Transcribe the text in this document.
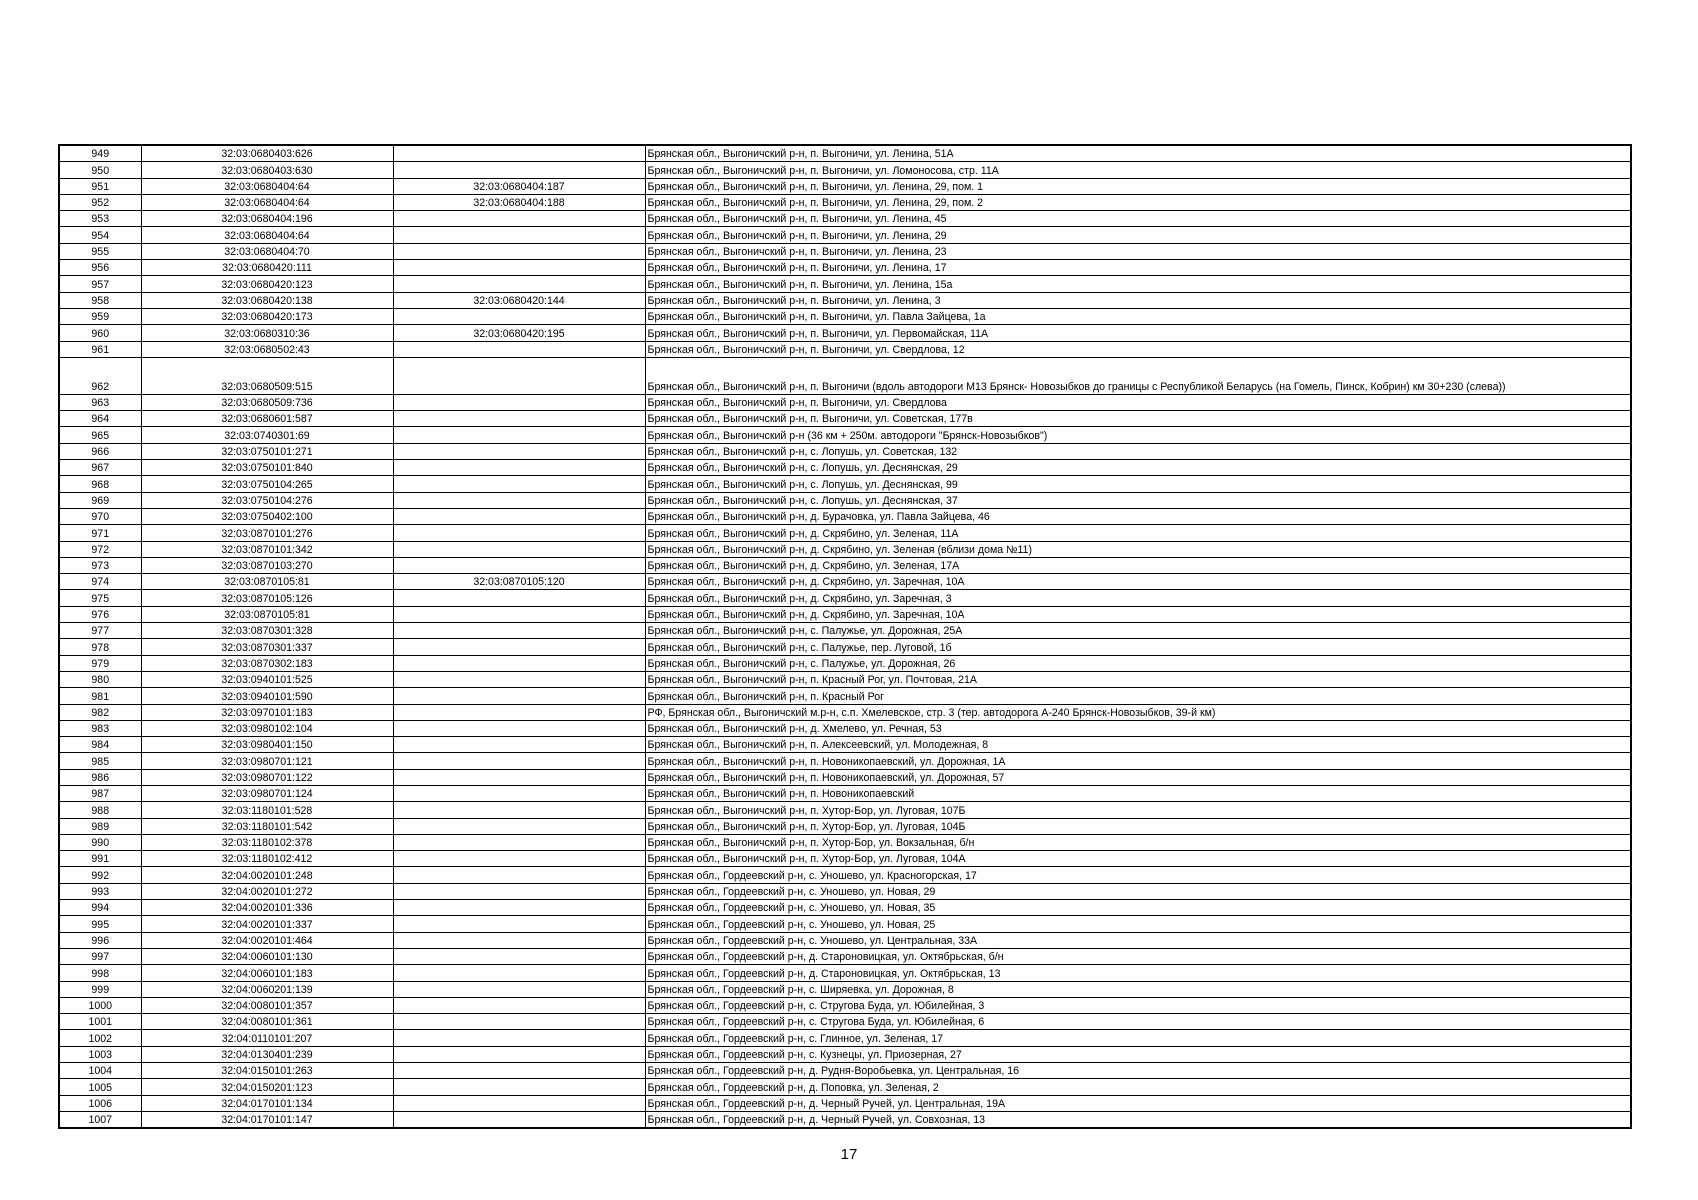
949	32:03:0680403:626		Брянская обл., Выгоничский р-н, п. Выгоничи, ул. Ленина, 51А
950	32:03:0680403:630		Брянская обл., Выгоничский р-н, п. Выгоничи, ул. Ломоносова, стр. 11А
951	32:03:0680404:64	32:03:0680404:187	Брянская обл., Выгоничский р-н, п. Выгоничи, ул. Ленина, 29, пом. 1
952	32:03:0680404:64	32:03:0680404:188	Брянская обл., Выгоничский р-н, п. Выгоничи, ул. Ленина, 29, пом. 2
953	32:03:0680404:196		Брянская обл., Выгоничский р-н, п. Выгоничи, ул. Ленина, 45
954	32:03:0680404:64		Брянская обл., Выгоничский р-н, п. Выгоничи, ул. Ленина, 29
955	32:03:0680404:70		Брянская обл., Выгоничский р-н, п. Выгоничи, ул. Ленина, 23
956	32:03:0680420:111		Брянская обл., Выгоничский р-н, п. Выгоничи, ул. Ленина, 17
957	32:03:0680420:123		Брянская обл., Выгоничский р-н, п. Выгоничи, ул. Ленина, 15а
958	32:03:0680420:138	32:03:0680420:144	Брянская обл., Выгоничский р-н, п. Выгоничи, ул. Ленина, 3
959	32:03:0680420:173		Брянская обл., Выгоничский р-н, п. Выгоничи, ул. Павла Зайцева, 1а
960	32:03:0680310:36	32:03:0680420:195	Брянская обл., Выгоничский р-н, п. Выгоничи, ул. Первомайская, 11А
961	32:03:0680502:43		Брянская обл., Выгоничский р-н, п. Выгоничи, ул. Свердлова, 12
962	32:03:0680509:515		Брянская обл., Выгоничский р-н, п. Выгоничи (вдоль автодороги М13 Брянск- Новозыбков до границы с Республикой Беларусь (на Гомель, Пинск, Кобрин) км 30+230 (слева))
963	32:03:0680509:736		Брянская обл., Выгоничский р-н, п. Выгоничи, ул. Свердлова
964	32:03:0680601:587		Брянская обл., Выгоничский р-н, п. Выгоничи, ул. Советская, 177в
965	32:03:0740301:69		Брянская обл., Выгоничский р-н (36 км + 250м. автодороги "Брянск-Новозыбков")
966	32:03:0750101:271		Брянская обл., Выгоничский р-н, с. Лопушь, ул. Советская, 132
967	32:03:0750101:840		Брянская обл., Выгоничский р-н, с. Лопушь, ул. Деснянская, 29
968	32:03:0750104:265		Брянская обл., Выгоничский р-н, с. Лопушь, ул. Деснянская, 99
969	32:03:0750104:276		Брянская обл., Выгоничский р-н, с. Лопушь, ул. Деснянская, 37
970	32:03:0750402:100		Брянская обл., Выгоничский р-н, д. Бурачовка, ул. Павла Зайцева, 46
971	32:03:0870101:276		Брянская обл., Выгоничский р-н, д. Скрябино, ул. Зеленая, 11А
972	32:03:0870101:342		Брянская обл., Выгоничский р-н, д. Скрябино, ул. Зеленая (вблизи дома №11)
973	32:03:0870103:270		Брянская обл., Выгоничский р-н, д. Скрябино, ул. Зеленая, 17А
974	32:03:0870105:81	32:03:0870105:120	Брянская обл., Выгоничский р-н, д. Скрябино, ул. Заречная, 10А
975	32:03:0870105:126		Брянская обл., Выгоничский р-н, д. Скрябино, ул. Заречная, 3
976	32:03:0870105:81		Брянская обл., Выгоничский р-н, д. Скрябино, ул. Заречная, 10А
977	32:03:0870301:328		Брянская обл., Выгоничский р-н, с. Палужье, ул. Дорожная, 25А
978	32:03:0870301:337		Брянская обл., Выгоничский р-н, с. Палужье, пер. Луговой, 1б
979	32:03:0870302:183		Брянская обл., Выгоничский р-н, с. Палужье, ул. Дорожная, 26
980	32:03:0940101:525		Брянская обл., Выгоничский р-н, п. Красный Рог, ул. Почтовая, 21А
981	32:03:0940101:590		Брянская обл., Выгоничский р-н, п. Красный Рог
982	32:03:0970101:183		РФ, Брянская обл., Выгоничский м.р-н, с.п. Хмелевское, стр. 3 (тер. автодорога А-240 Брянск-Новозыбков, 39-й км)
983	32:03:0980102:104		Брянская обл., Выгоничский р-н, д. Хмелево, ул. Речная, 53
984	32:03:0980401:150		Брянская обл., Выгоничский р-н, п. Алексеевский, ул. Молодежная, 8
985	32:03:0980701:121		Брянская обл., Выгоничский р-н, п. Новоникопаевский, ул. Дорожная, 1А
986	32:03:0980701:122		Брянская обл., Выгоничский р-н, п. Новоникопаевский, ул. Дорожная, 57
987	32:03:0980701:124		Брянская обл., Выгоничский р-н, п. Новоникопаевский
988	32:03:1180101:528		Брянская обл., Выгоничский р-н, п. Хутор-Бор, ул. Луговая, 107Б
989	32:03:1180101:542		Брянская обл., Выгоничский р-н, п. Хутор-Бор, ул. Луговая, 104Б
990	32:03:1180102:378		Брянская обл., Выгоничский р-н, п. Хутор-Бор, ул. Вокзальная, б/н
991	32:03:1180102:412		Брянская обл., Выгоничский р-н, п. Хутор-Бор, ул. Луговая, 104А
992	32:04:0020101:248		Брянская обл., Гордеевский р-н, с. Уношево, ул. Красногорская, 17
993	32:04:0020101:272		Брянская обл., Гордеевский р-н, с. Уношево, ул. Новая, 29
994	32:04:0020101:336		Брянская обл., Гордеевский р-н, с. Уношево, ул. Новая, 35
995	32:04:0020101:337		Брянская обл., Гордеевский р-н, с. Уношево, ул. Новая, 25
996	32:04:0020101:464		Брянская обл., Гордеевский р-н, с. Уношево, ул. Центральная, 33А
997	32:04:0060101:130		Брянская обл., Гордеевский р-н, д. Староновицкая, ул. Октябрьская, б/н
998	32:04:0060101:183		Брянская обл., Гордеевский р-н, д. Староновицкая, ул. Октябрьская, 13
999	32:04:0060201:139		Брянская обл., Гордеевский р-н, с. Ширяевка, ул. Дорожная, 8
1000	32:04:0080101:357		Брянская обл., Гордеевский р-н, с. Стругова Буда, ул. Юбилейная, 3
1001	32:04:0080101:361		Брянская обл., Гордеевский р-н, с. Стругова Буда, ул. Юбилейная, 6
1002	32:04:0110101:207		Брянская обл., Гордеевский р-н, с. Глинное, ул. Зеленая, 17
1003	32:04:0130401:239		Брянская обл., Гордеевский р-н, с. Кузнецы, ул. Приозерная, 27
1004	32:04:0150101:263		Брянская обл., Гордеевский р-н, д. Рудня-Воробьевка, ул. Центральная, 16
1005	32:04:0150201:123		Брянская обл., Гордеевский р-н, д. Поповка, ул. Зеленая, 2
1006	32:04:0170101:134		Брянская обл., Гордеевский р-н, д. Черный Ручей, ул. Центральная, 19А
1007	32:04:0170101:147		Брянская обл., Гордеевский р-н, д. Черный Ручей, ул. Совхозная, 13
17
